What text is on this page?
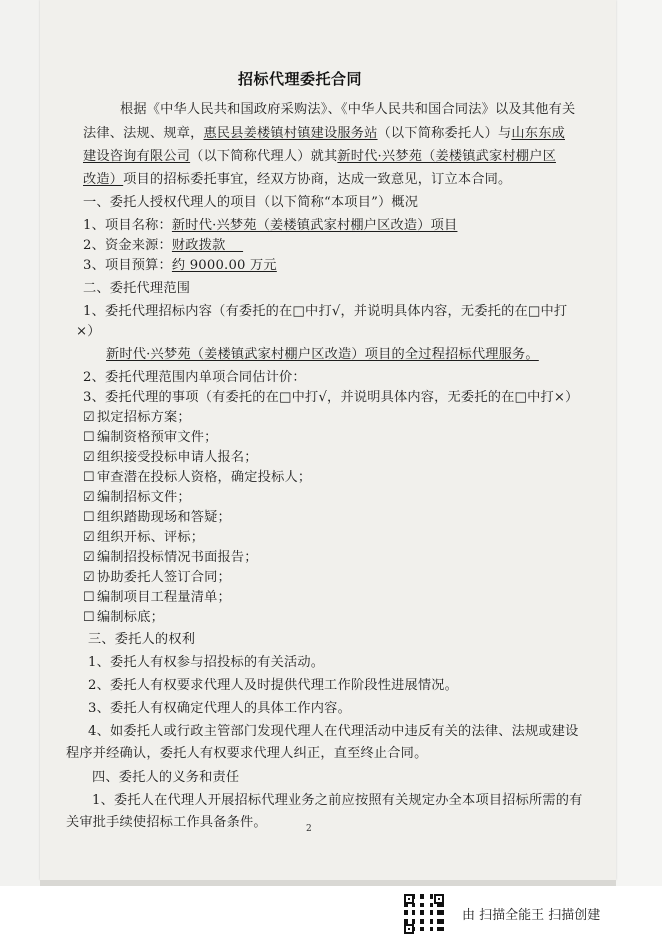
招标代理委托合同
根据《中华人民共和国政府采购法》、《中华人民共和国合同法》以及其他有关
法律、法规、规章，惠民县姜楼镇村镇建设服务站（以下简称委托人）与山东东成
建设咨询有限公司（以下简称代理人）就其新时代·兴梦苑（姜楼镇武家村棚户区
改造）项目的招标委托事宜，经双方协商，达成一致意见，订立本合同。
一、委托人授权代理人的项目（以下简称“本项目”）概况
1、项目名称：新时代·兴梦苑（姜楼镇武家村棚户区改造）项目
2、资金来源：财政拨款
3、项目预算：约 9000.00 万元
二、委托代理范围
1、委托代理招标内容（有委托的在□中打√，并说明具体内容，无委托的在□中打
×）
新时代·兴梦苑（姜楼镇武家村棚户区改造）项目的全过程招标代理服务。
2、委托代理范围内单项合同估计价：
3、委托代理的事项（有委托的在□中打√，并说明具体内容，无委托的在□中打×）
☑ 拟定招标方案；
☐ 编制资格预审文件；
☑ 组织接受投标申请人报名；
☐ 审查潜在投标人资格，确定投标人；
☑ 编制招标文件；
☐ 组织踏勘现场和答疑；
☑ 组织开标、评标；
☑ 编制招投标情况书面报告；
☑ 协助委托人签订合同；
☐ 编制项目工程量清单；
☐ 编制标底；
三、委托人的权利
1、委托人有权参与招投标的有关活动。
2、委托人有权要求代理人及时提供代理工作阶段性进展情况。
3、委托人有权确定代理人的具体工作内容。
4、如委托人或行政主管部门发现代理人在代理活动中违反有关的法律、法规或建设
程序并经确认，委托人有权要求代理人纠正，直至终止合同。
四、委托人的义务和责任
1、委托人在代理人开展招标代理业务之前应按照有关规定办全本项目招标所需的有
关审批手续使招标工作具备条件。	2
由 扫描全能王 扫描创建
